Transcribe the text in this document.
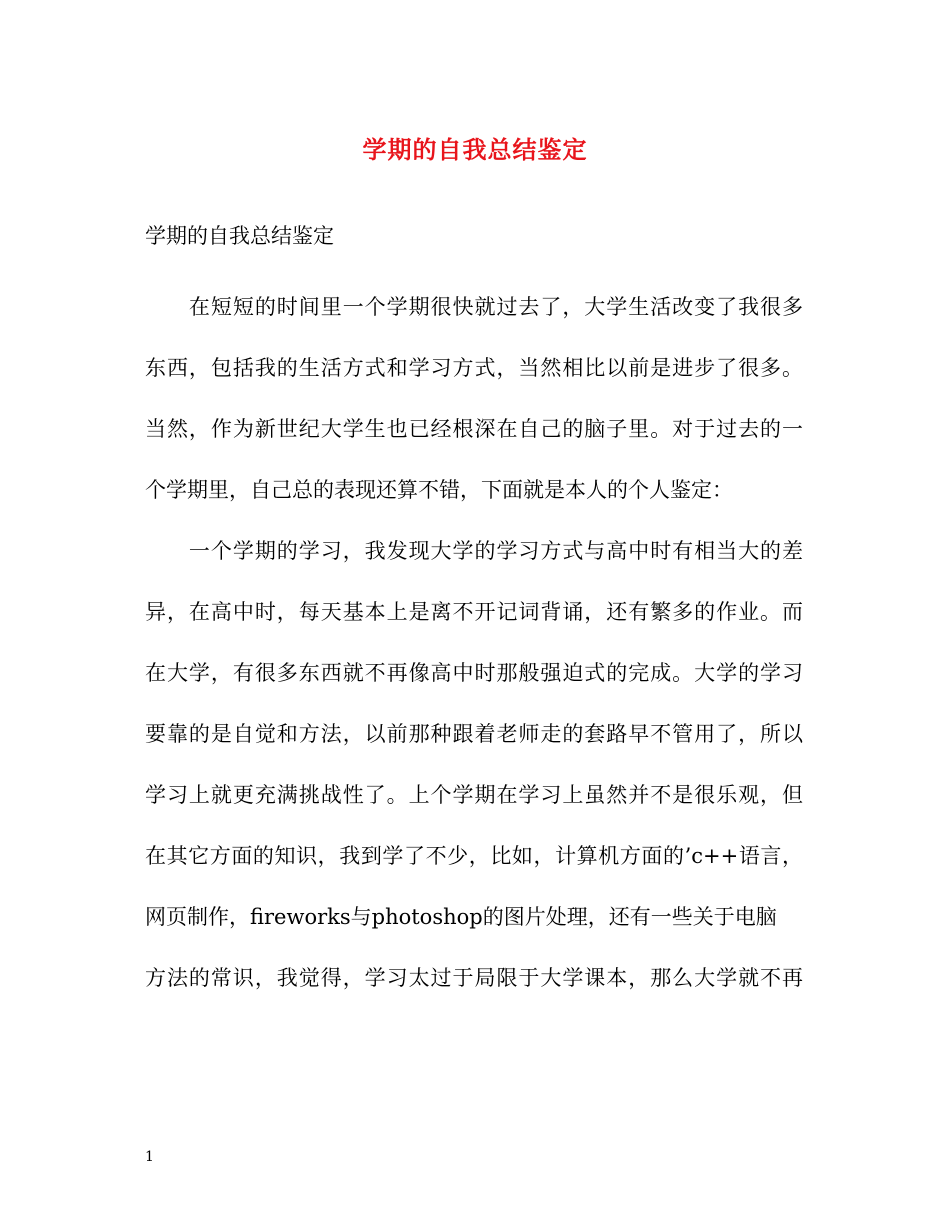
学期的自我总结鉴定
学期的自我总结鉴定
　　在短短的时间里一个学期很快就过去了，大学生活改变了我很多
东西，包括我的生活方式和学习方式，当然相比以前是进步了很多。
当然，作为新世纪大学生也已经根深在自己的脑子里。对于过去的一
个学期里，自己总的表现还算不错，下面就是本人的个人鉴定：
　　一个学期的学习，我发现大学的学习方式与高中时有相当大的差
异，在高中时，每天基本上是离不开记词背诵，还有繁多的作业。而
在大学，有很多东西就不再像高中时那般强迫式的完成。大学的学习
要靠的是自觉和方法，以前那种跟着老师走的套路早不管用了，所以
学习上就更充满挑战性了。上个学期在学习上虽然并不是很乐观，但
在其它方面的知识，我到学了不少，比如，计算机方面的’c++语言，
网页制作，fireworks与photoshop的图片处理，还有一些关于电脑
方法的常识，我觉得，学习太过于局限于大学课本，那么大学就不再
1
